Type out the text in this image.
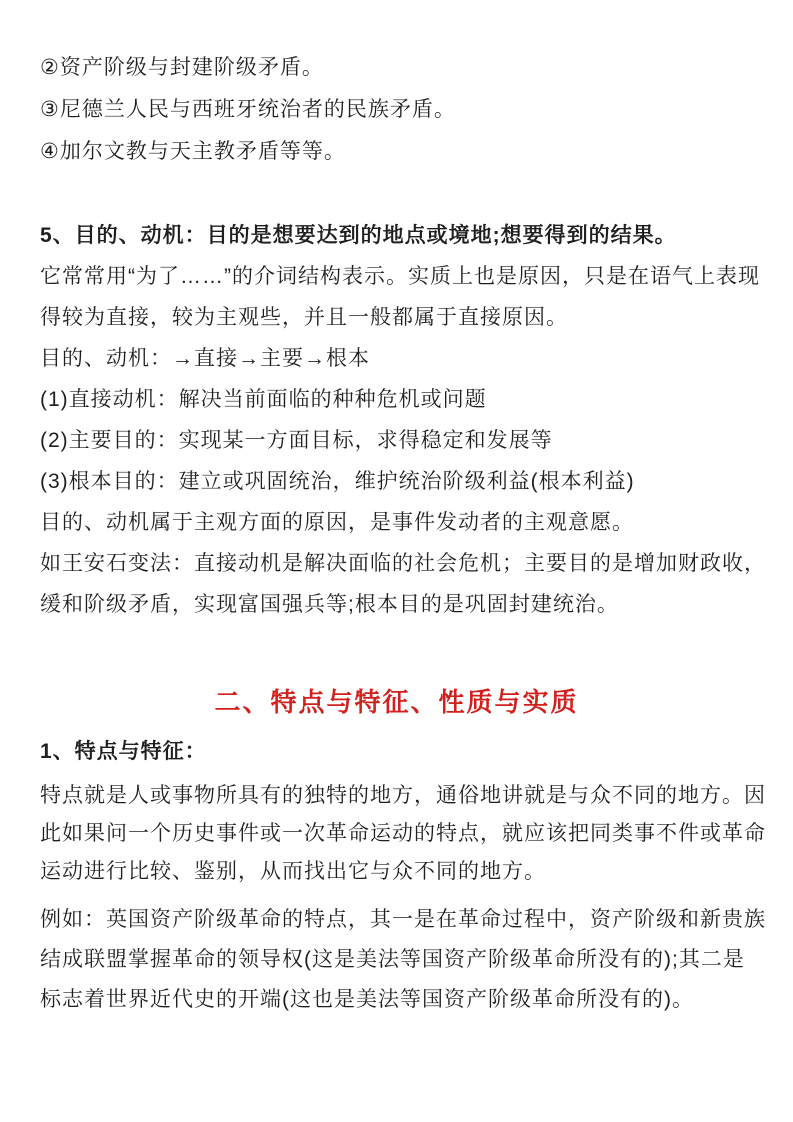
②资产阶级与封建阶级矛盾。
③尼德兰人民与西班牙统治者的民族矛盾。
④加尔文教与天主教矛盾等等。
5、目的、动机：目的是想要达到的地点或境地;想要得到的结果。
它常常用“为了……”的介词结构表示。实质上也是原因，只是在语气上表现
得较为直接，较为主观些，并且一般都属于直接原因。
目的、动机：→直接→主要→根本
(1)直接动机：解决当前面临的种种危机或问题
(2)主要目的：实现某一方面目标，求得稳定和发展等
(3)根本目的：建立或巩固统治，维护统治阶级利益(根本利益)
目的、动机属于主观方面的原因，是事件发动者的主观意愿。
如王安石变法：直接动机是解决面临的社会危机；主要目的是增加财政收，
缓和阶级矛盾，实现富国强兵等;根本目的是巩固封建统治。
二、特点与特征、性质与实质
1、特点与特征：
特点就是人或事物所具有的独特的地方，通俗地讲就是与众不同的地方。因
此如果问一个历史事件或一次革命运动的特点，就应该把同类事不件或革命
运动进行比较、鉴别，从而找出它与众不同的地方。
例如：英国资产阶级革命的特点，其一是在革命过程中，资产阶级和新贵族
结成联盟掌握革命的领导权(这是美法等国资产阶级革命所没有的);其二是
标志着世界近代史的开端(这也是美法等国资产阶级革命所没有的)。
